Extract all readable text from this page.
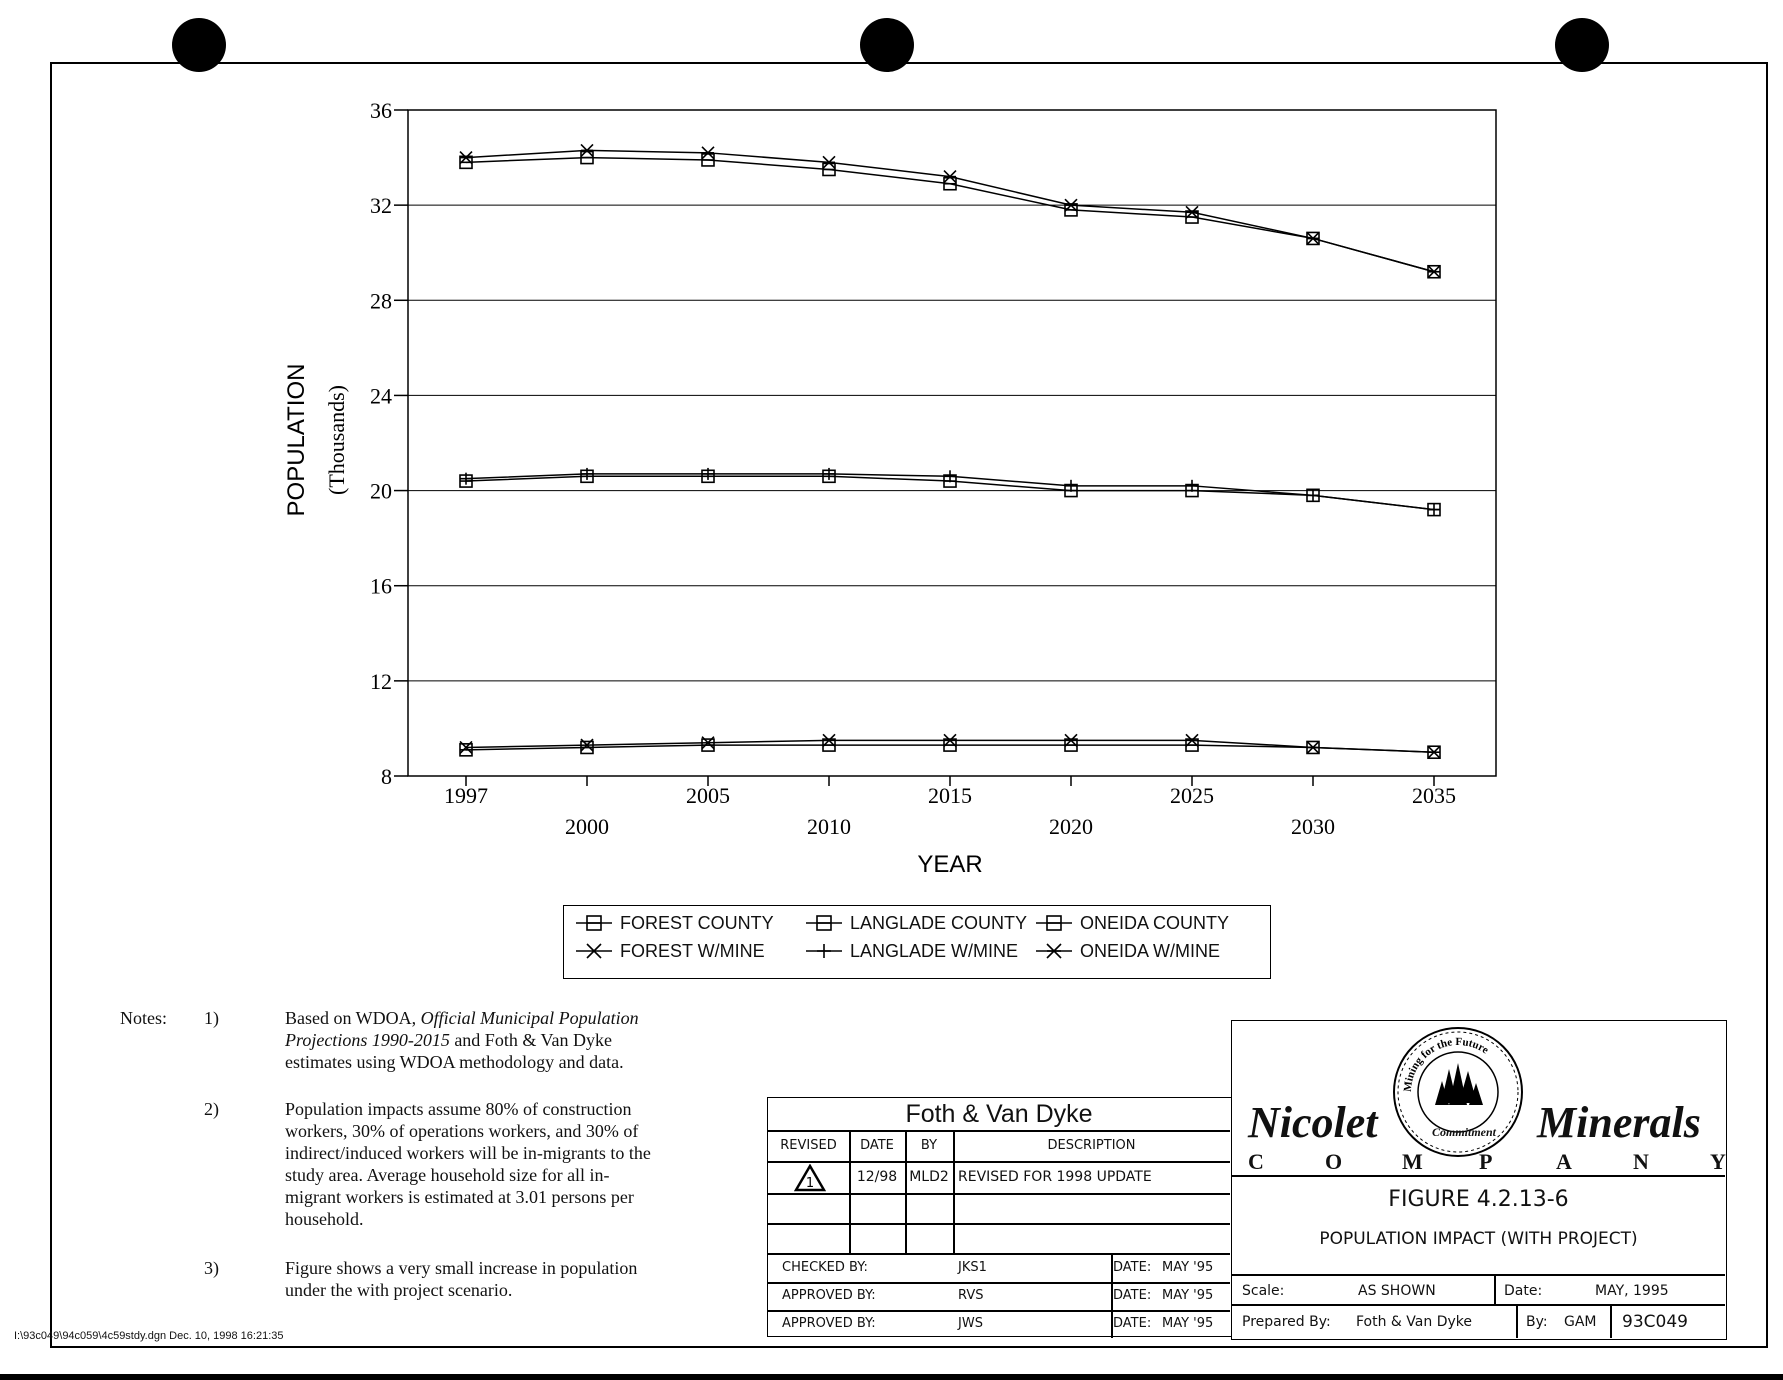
8
12
16
20
24
28
32
36
1997
2000
2005
2010
2015
2020
2025
2030
2035
POPULATION (Thousands)
YEAR
FOREST COUNTY	LANGLADE COUNTY	ONEIDA COUNTY
FOREST W/MINE	LANGLADE W/MINE	ONEIDA W/MINE
Notes: 1)	Based on WDOA, Official Municipal Population
Projections 1990-2015 and Foth & Van Dyke
estimates using WDOA methodology and data.
2)	Population impacts assume 80% of construction
workers, 30% of operations workers, and 30% of
indirect/induced workers will be in-migrants to the
study area. Average household size for all in-
migrant workers is estimated at 3.01 persons per
household.
3)	Figure shows a very small increase in population
under the with project scenario.
Foth & Van Dyke
REVISED	DATE	BY	DESCRIPTION
1	12/98 MLD2 REVISED FOR 1998 UPDATE
CHECKED BY:	JKS1	DATE: MAY '95
APPROVED BY:	RVS	DATE: MAY '95
APPROVED BY:	JWS	DATE: MAY '95
Nicolet	Minerals
Mining for the Future
Commitment
C	O	M	P	A	N	Y
FIGURE 4.2.13-6
POPULATION IMPACT (WITH PROJECT)
Scale:	AS SHOWN	Date:	MAY, 1995
Prepared By: Foth & Van Dyke	By: GAM 93C049
I:\93c049\94c059\4c59stdy.dgn Dec. 10, 1998 16:21:35
